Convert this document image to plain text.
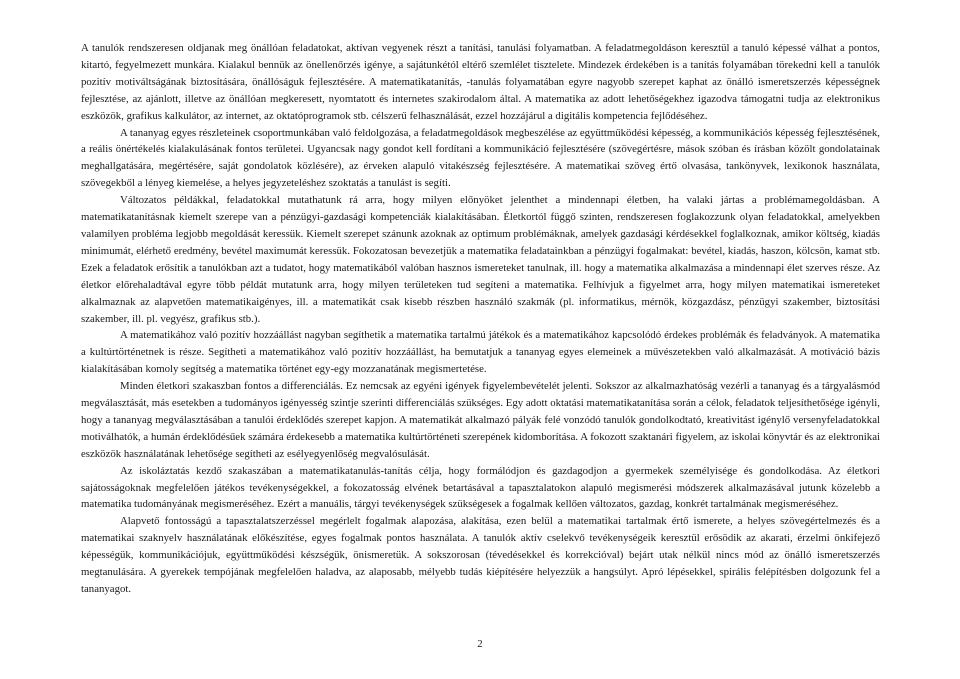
A tanulók rendszeresen oldjanak meg önállóan feladatokat, aktívan vegyenek részt a tanítási, tanulási folyamatban. A feladatmegoldáson keresztül a tanuló képessé válhat a pontos, kitartó, fegyelmezett munkára. Kialakul bennük az önellenőrzés igénye, a sajátunkétól eltérő szemlélet tisztelete. Mindezek érdekében is a tanítás folyamában törekedni kell a tanulók pozitív motiváltságának biztosítására, önállóságuk fejlesztésére. A matematikatanítás, -tanulás folyamatában egyre nagyobb szerepet kaphat az önálló ismeretszerzés képességnek fejlesztése, az ajánlott, illetve az önállóan megkeresett, nyomtatott és internetes szakirodalom által. A matematika az adott lehetőségekhez igazodva támogatni tudja az elektronikus eszközök, grafikus kalkulátor, az internet, az oktatóprogramok stb. célszerű felhasználását, ezzel hozzájárul a digitális kompetencia fejlődéséhez.

A tananyag egyes részleteinek csoportmunkában való feldolgozása, a feladatmegoldások megbeszélése az együttműködési képesség, a kommunikációs képesség fejlesztésének, a reális önértékelés kialakulásának fontos területei. Ugyancsak nagy gondot kell fordítani a kommunikáció fejlesztésére (szövegértésre, mások szóban és írásban közölt gondolatainak meghallgatására, megértésére, saját gondolatok közlésére), az érveken alapuló vitakészség fejlesztésére. A matematikai szöveg értő olvasása, tankönyvek, lexikonok használata, szövegekből a lényeg kiemelése, a helyes jegyzeteléshez szoktatás a tanulást is segíti.

Változatos példákkal, feladatokkal mutathatunk rá arra, hogy milyen előnyöket jelenthet a mindennapi életben, ha valaki jártas a problémamegoldásban. A matematikatanításnak kiemelt szerepe van a pénzügyi-gazdasági kompetenciák kialakításában. Életkortól függő szinten, rendszeresen foglakozzunk olyan feladatokkal, amelyekben valamilyen probléma legjobb megoldását keressük. Kiemelt szerepet szánunk azoknak az optimum problémáknak, amelyek gazdasági kérdésekkel foglalkoznak, amikor költség, kiadás minimumát, elérhető eredmény, bevétel maximumát keressük. Fokozatosan bevezetjük a matematika feladatainkban a pénzügyi fogalmakat: bevétel, kiadás, haszon, kölcsön, kamat stb. Ezek a feladatok erősítik a tanulókban azt a tudatot, hogy matematikából valóban hasznos ismereteket tanulnak, ill. hogy a matematika alkalmazása a mindennapi élet szerves része. Az életkor előrehaladtával egyre több példát mutatunk arra, hogy milyen területeken tud segíteni a matematika. Felhívjuk a figyelmet arra, hogy milyen matematikai ismereteket alkalmaznak az alapvetően matematikaigényes, ill. a matematikát csak kisebb részben használó szakmák (pl. informatikus, mérnök, közgazdász, pénzügyi szakember, biztosítási szakember, ill. pl. vegyész, grafikus stb.).

A matematikához való pozitív hozzáállást nagyban segíthetik a matematika tartalmú játékok és a matematikához kapcsolódó érdekes problémák és feladványok. A matematika a kultúrtörténetnek is része. Segítheti a matematikához való pozitív hozzáállást, ha bemutatjuk a tananyag egyes elemeinek a művészetekben való alkalmazását. A motiváció bázis kialakításában komoly segítség a matematika történet egy-egy mozzanatának megismertetése.

Minden életkori szakaszban fontos a differenciálás. Ez nemcsak az egyéni igények figyelembevételét jelenti. Sokszor az alkalmazhatóság vezérli a tananyag és a tárgyalásmód megválasztását, más esetekben a tudományos igényesség szintje szerinti differenciálás szükséges. Egy adott oktatási matematikatanítása során a célok, feladatok teljesíthetősége igényli, hogy a tananyag megválasztásában a tanulói érdeklődés szerepet kapjon. A matematikát alkalmazó pályák felé vonzódó tanulók gondolkodtató, kreativitást igénylő versenyfeladatokkal motiválhatók, a humán érdeklődésűek számára érdekesebb a matematika kultúrtörténeti szerepének kidomborítása. A fokozott szaktanári figyelem, az iskolai könyvtár és az elektronikai eszközök használatának lehetősége segítheti az esélyegyenlőség megvalósulását.

Az iskoláztatás kezdő szakaszában a matematikatanulás-tanítás célja, hogy formálódjon és gazdagodjon a gyermekek személyisége és gondolkodása. Az életkori sajátosságoknak megfelelően játékos tevékenységekkel, a fokozatosság elvének betartásával a tapasztalatokon alapuló megismerési módszerek alkalmazásával jutunk közelebb a matematika tudományának megismeréséhez. Ezért a manuális, tárgyi tevékenységek szükségesek a fogalmak kellően változatos, gazdag, konkrét tartalmának megismeréséhez.

Alapvető fontosságú a tapasztalatszerzéssel megérlelt fogalmak alapozása, alakítása, ezen belül a matematikai tartalmak értő ismerete, a helyes szövegértelmezés és a matematikai szaknyelv használatának előkészítése, egyes fogalmak pontos használata. A tanulók aktív cselekvő tevékenységeik keresztül erősödik az akarati, érzelmi önkifejező képességük, kommunikációjuk, együttműködési készségük, önismeretük. A sokszorosan (tévedésekkel és korrekcióval) bejárt utak nélkül nincs mód az önálló ismeretszerzés megtanulására. A gyerekek tempójának megfelelően haladva, az alaposabb, mélyebb tudás kiépítésére helyezzük a hangsúlyt. Apró lépésekkel, spirális felépítésben dolgozunk fel a tananyagot.

2
